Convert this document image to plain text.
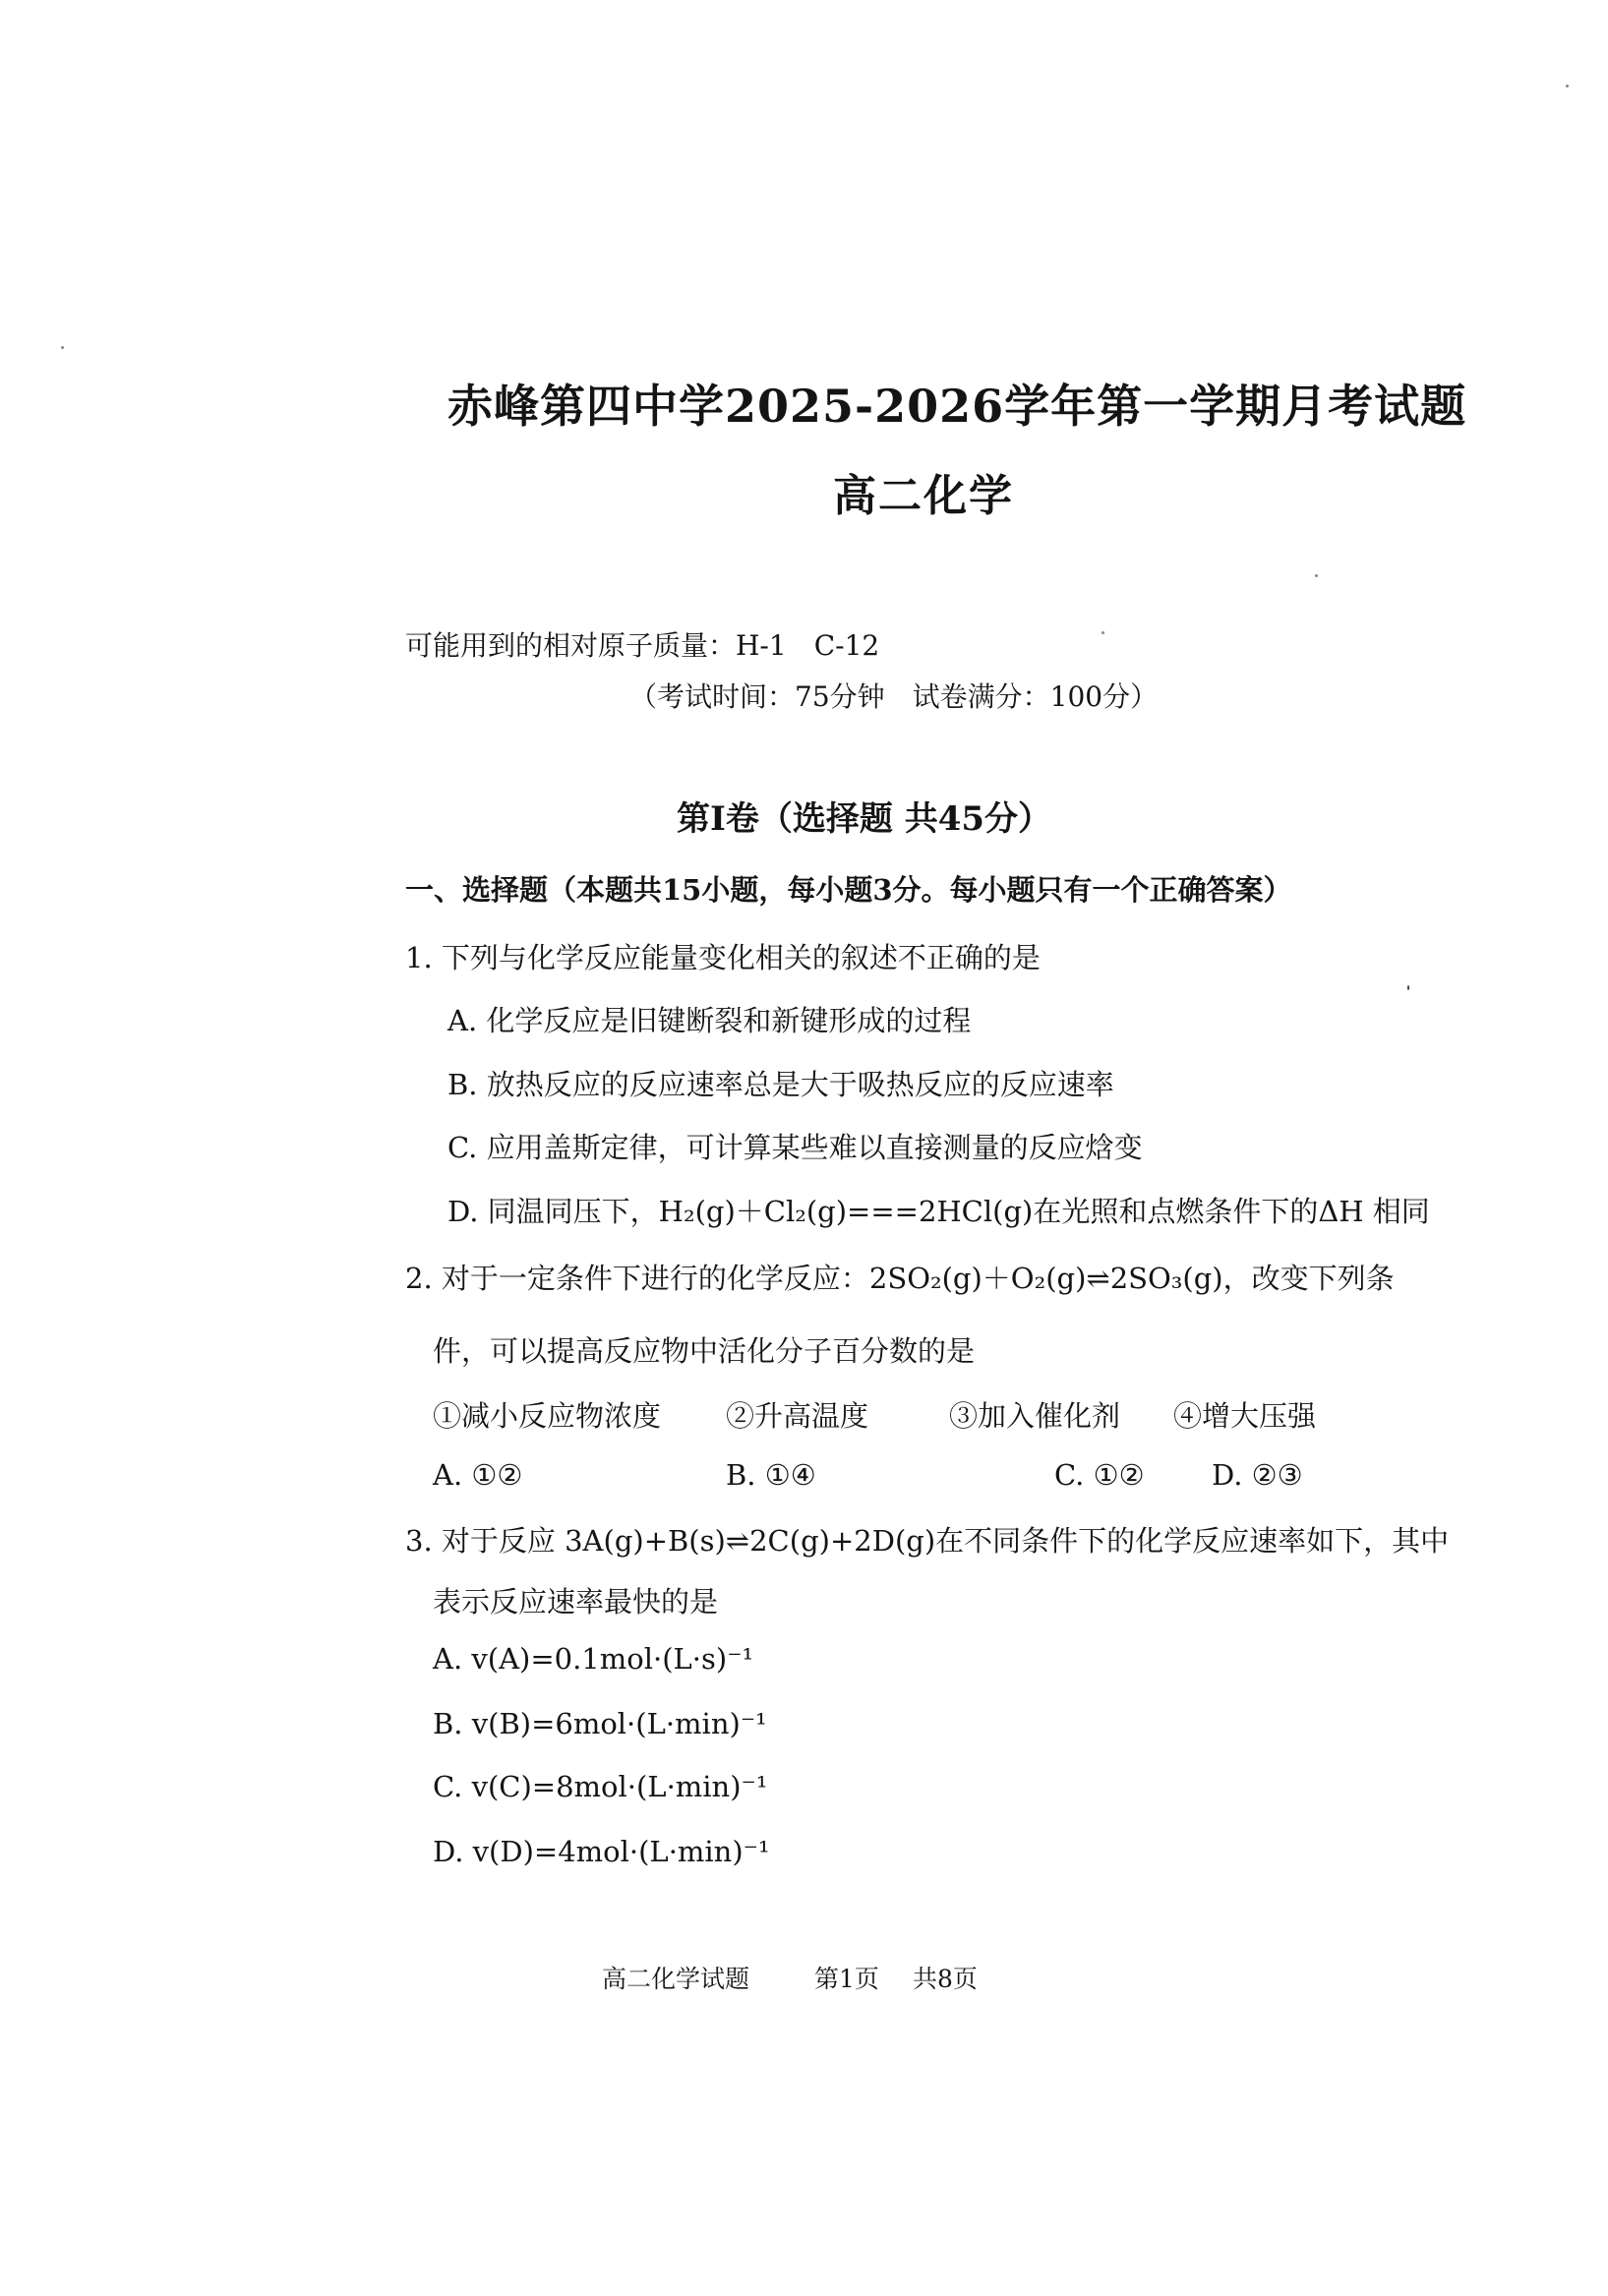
赤峰第四中学2025-2026学年第一学期月考试题
高二化学
可能用到的相对原子质量：H-1　C-12
（考试时间：75分钟　试卷满分：100分）
第Ⅰ卷（选择题 共45分）
一、选择题（本题共15小题，每小题3分。每小题只有一个正确答案）
1. 下列与化学反应能量变化相关的叙述不正确的是
A. 化学反应是旧键断裂和新键形成的过程
B. 放热反应的反应速率总是大于吸热反应的反应速率
C. 应用盖斯定律，可计算某些难以直接测量的反应焓变
D. 同温同压下，H₂(g)＋Cl₂(g)===2HCl(g)在光照和点燃条件下的ΔH 相同
2. 对于一定条件下进行的化学反应：2SO₂(g)＋O₂(g)⇌2SO₃(g)，改变下列条
件，可以提高反应物中活化分子百分数的是
①减小反应物浓度 ②升高温度	③加入催化剂 ④增大压强
A. ①②	B. ①④	C. ①② D. ②③
3. 对于反应 3A(g)+B(s)⇌2C(g)+2D(g)在不同条件下的化学反应速率如下，其中
表示反应速率最快的是
A. v(A)=0.1mol·(L·s)⁻¹
B. v(B)=6mol·(L·min)⁻¹
C. v(C)=8mol·(L·min)⁻¹
D. v(D)=4mol·(L·min)⁻¹
高二化学试题	第1页 共8页
